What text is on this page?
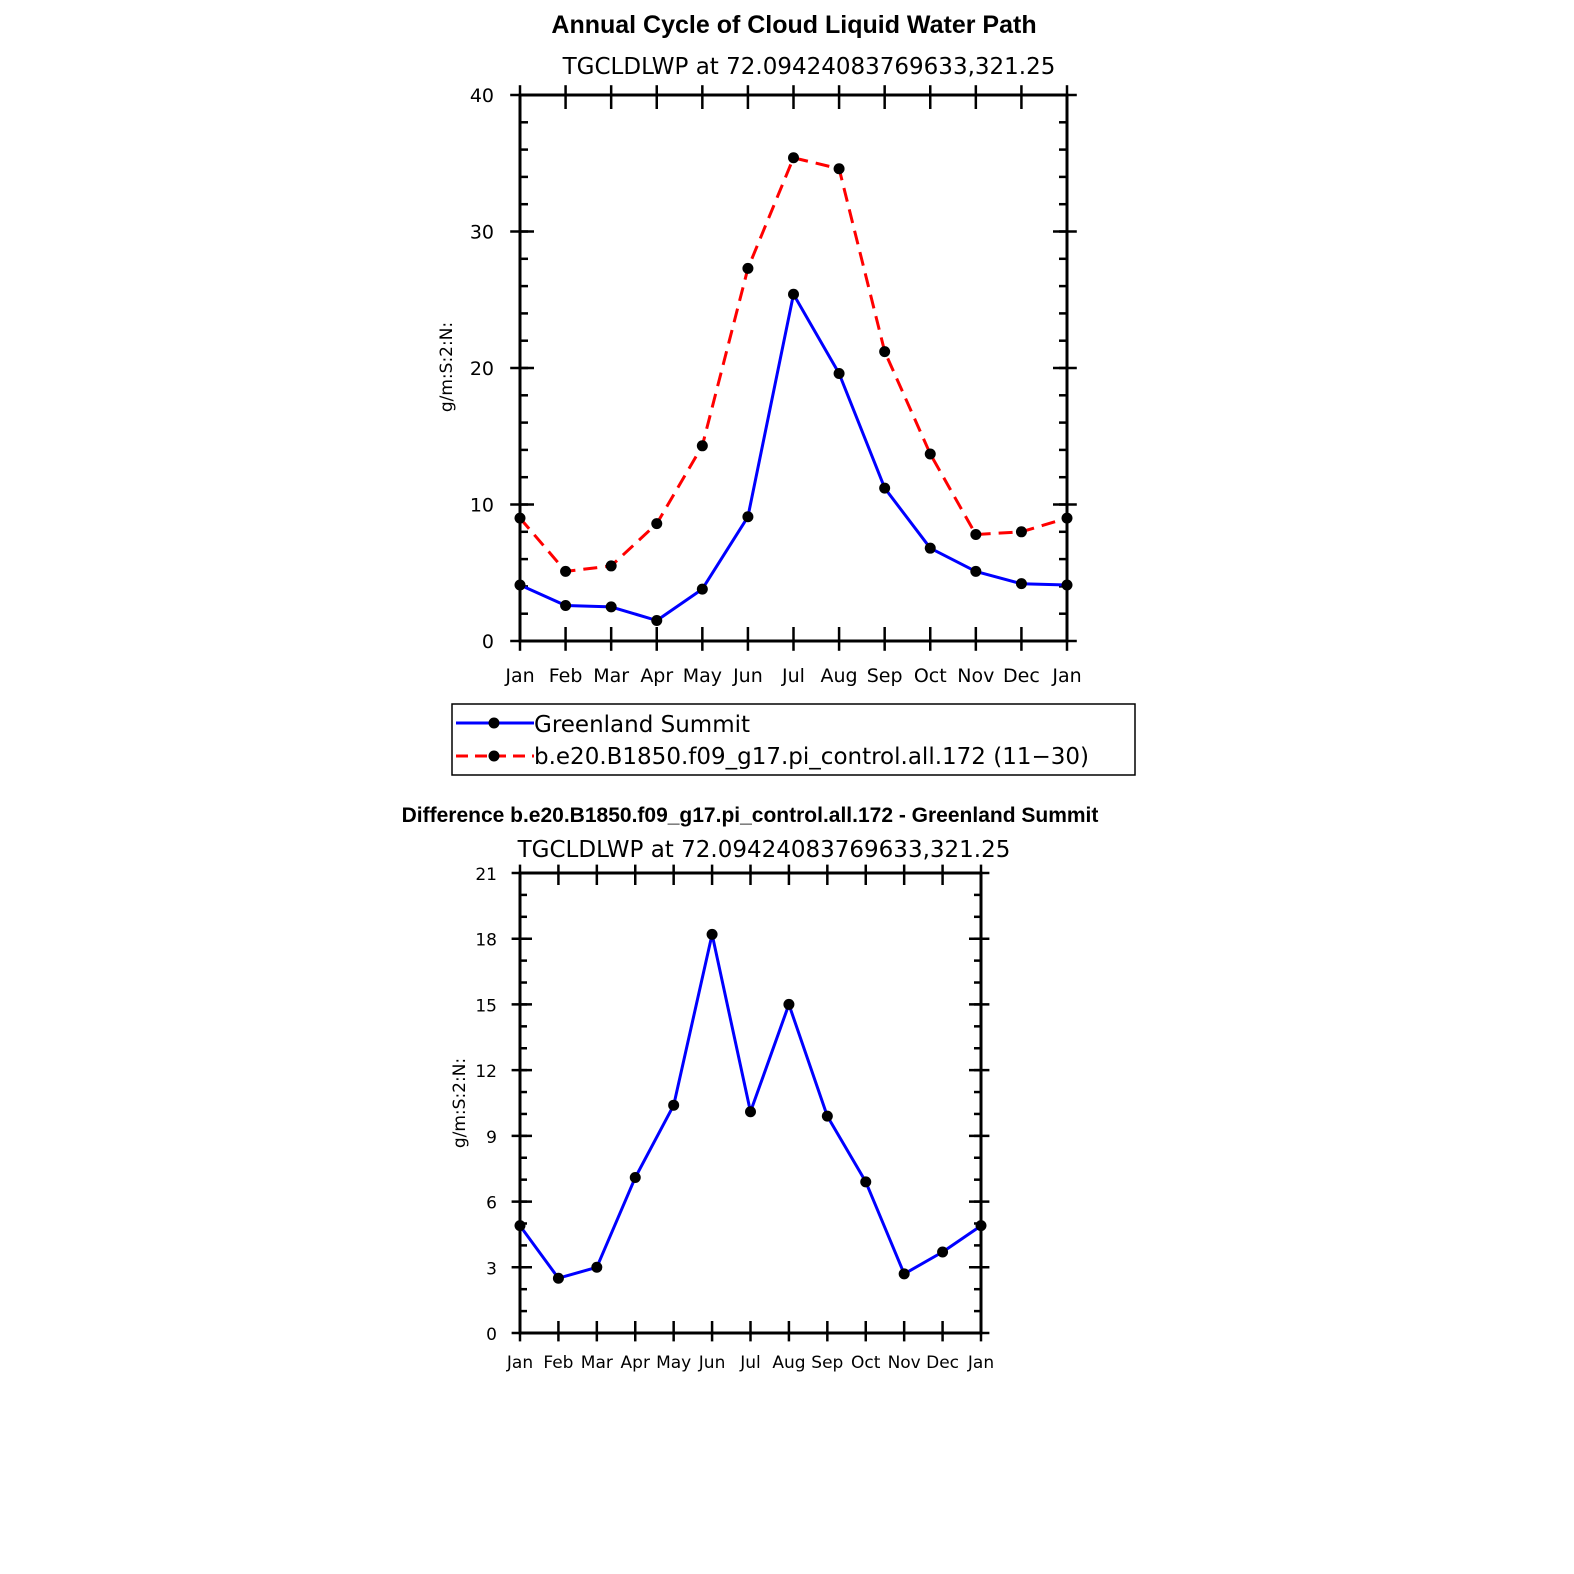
Annual Cycle of Cloud Liquid Water Path
TGCLDLWP at 72.09424083769633,321.25
g/m:S:2:N:
Jan Feb Mar Apr May Jun Jul Aug Sep Oct Nov Dec Jan
0
10
20
30
40
Greenland Summit
b.e20.B1850.f09_g17.pi_control.all.172 (11−30)
Difference b.e20.B1850.f09_g17.pi_control.all.172 - Greenland Summit
TGCLDLWP at 72.09424083769633,321.25
g/m:S:2:N:
Jan Feb Mar Apr May Jun Jul Aug Sep Oct Nov Dec Jan
0
3
6
9
12
15
18
21
